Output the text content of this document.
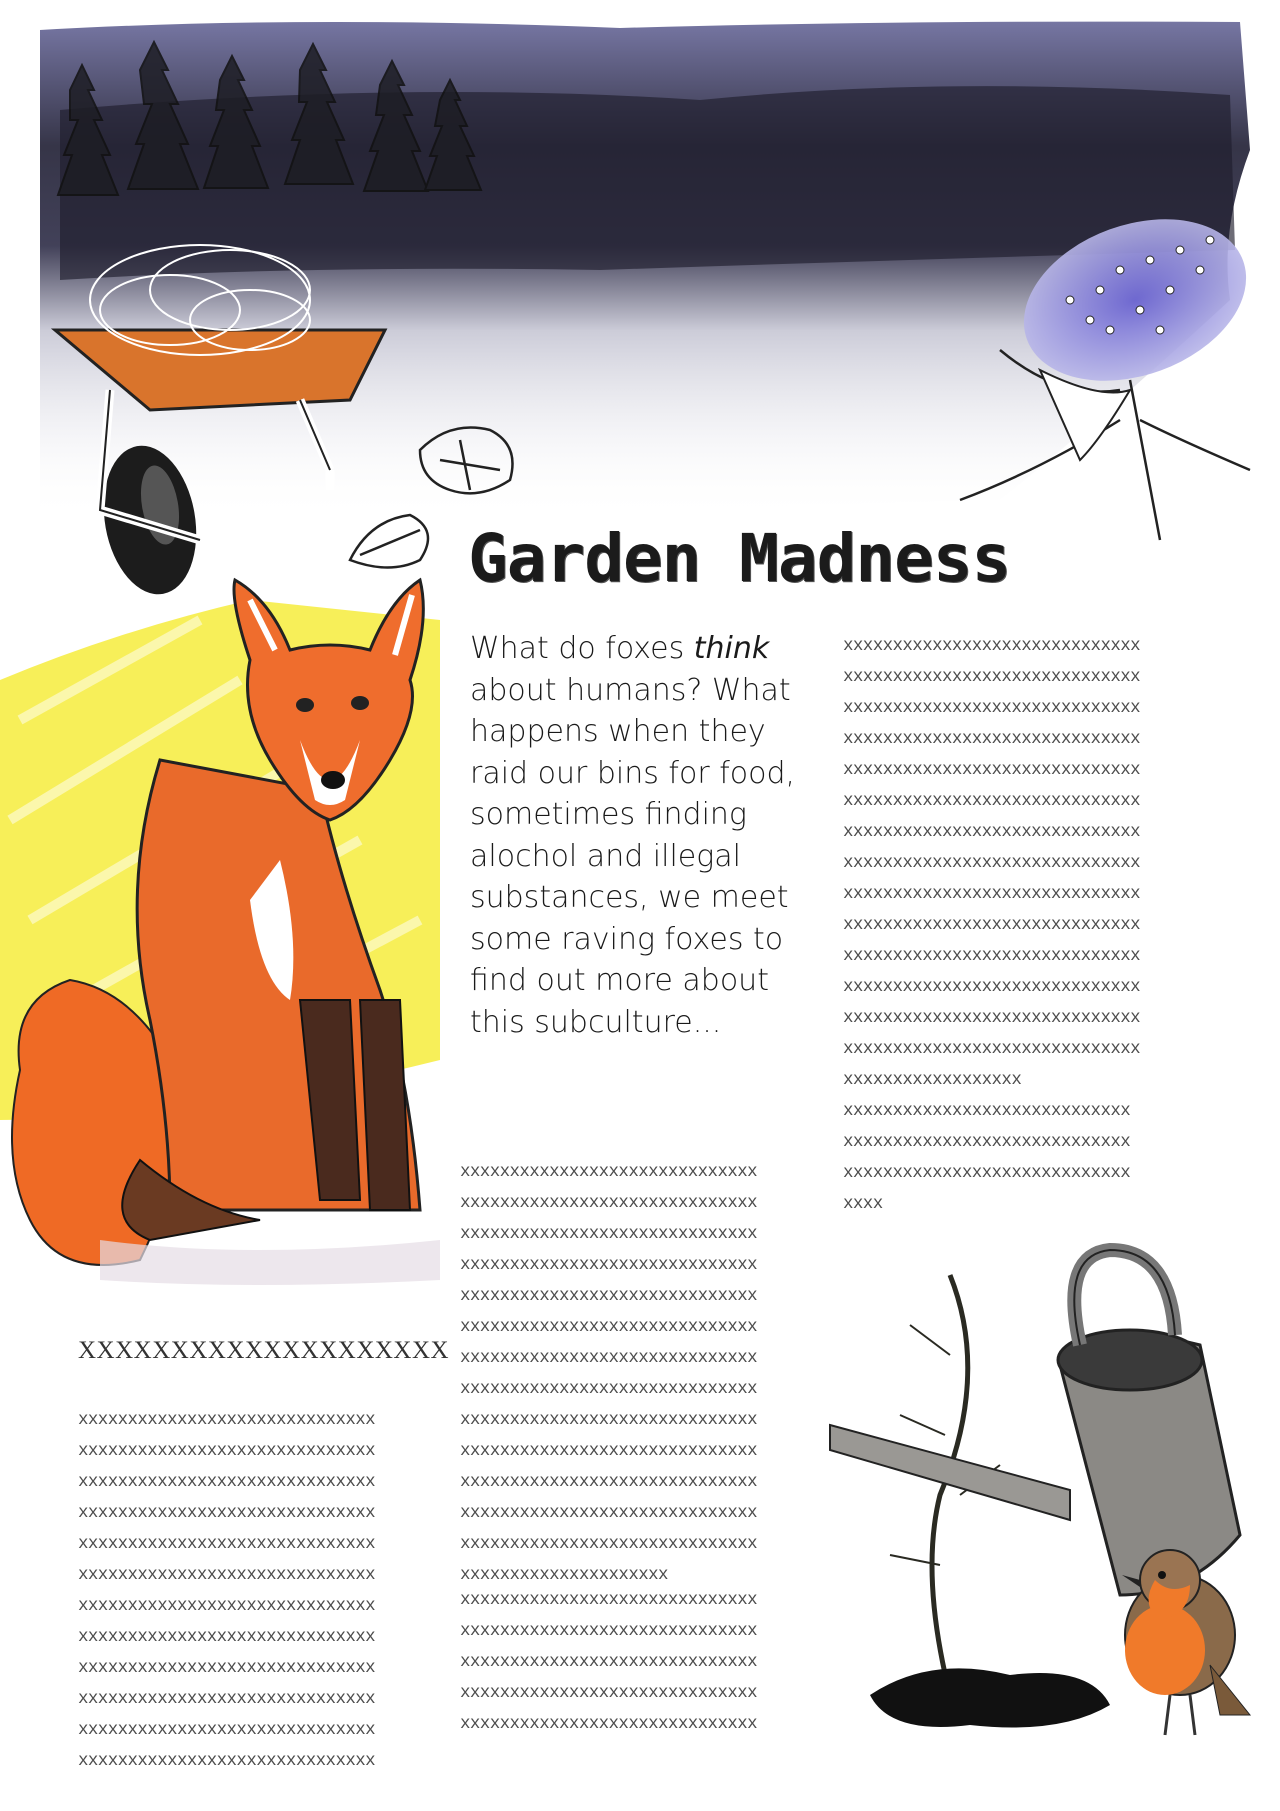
Garden Madness
What do foxes think about humans? What happens when they raid our bins for food, sometimes finding alochol and illegal substances, we meet some raving foxes to find out more about this subculture...
xxxxxxxxxxxxxxxxxxxxxxxxxxxxxx
xxxxxxxxxxxxxxxxxxxxxxxxxxxxxx
xxxxxxxxxxxxxxxxxxxxxxxxxxxxxx
xxxxxxxxxxxxxxxxxxxxxxxxxxxxxx
xxxxxxxxxxxxxxxxxxxxxxxxxxxxxx
xxxxxxxxxxxxxxxxxxxxxxxxxxxxxx
xxxxxxxxxxxxxxxxxxxxxxxxxxxxxx
xxxxxxxxxxxxxxxxxxxxxxxxxxxxxx
xxxxxxxxxxxxxxxxxxxxxxxxxxxxxx
xxxxxxxxxxxxxxxxxxxxxxxxxxxxxx
xxxxxxxxxxxxxxxxxxxxxxxxxxxxxx
xxxxxxxxxxxxxxxxxxxxxxxxxxxxxx
xxxxxxxxxxxxxxxxxxxxxxxxxxxxxx
xxxxxxxxxxxxxxxxxxxxxxxxxxxxxx
xxxxxxxxxxxxxxxxxx
xxxxxxxxxxxxxxxxxxxxxxxxxxxxx
xxxxxxxxxxxxxxxxxxxxxxxxxxxxx
xxxxxxxxxxxxxxxxxxxxxxxxxxxxx
xxxx
xxxxxxxxxxxxxxxxxxxxxxxxxxxxxx
xxxxxxxxxxxxxxxxxxxxxxxxxxxxxx
xxxxxxxxxxxxxxxxxxxxxxxxxxxxxx
xxxxxxxxxxxxxxxxxxxxxxxxxxxxxx
xxxxxxxxxxxxxxxxxxxxxxxxxxxxxx
xxxxxxxxxxxxxxxxxxxxxxxxxxxxxx
xxxxxxxxxxxxxxxxxxxxxxxxxxxxxx
xxxxxxxxxxxxxxxxxxxxxxxxxxxxxx
xxxxxxxxxxxxxxxxxxxxxxxxxxxxxx
xxxxxxxxxxxxxxxxxxxxxxxxxxxxxx
xxxxxxxxxxxxxxxxxxxxxxxxxxxxxx
xxxxxxxxxxxxxxxxxxxxxxxxxxxxxx
xxxxxxxxxxxxxxxxxxxxxxxxxxxxxx
xxxxxxxxxxxxxxxxxxxxx
xxxxxxxxxxxxxxxxxxxxxxxxxxxxxx
xxxxxxxxxxxxxxxxxxxxxxxxxxxxxx
xxxxxxxxxxxxxxxxxxxxxxxxxxxxxx
xxxxxxxxxxxxxxxxxxxxxxxxxxxxxx
xxxxxxxxxxxxxxxxxxxxxxxxxxxxxx
XXXXXXXXXXXXXXXXXXXX
xxxxxxxxxxxxxxxxxxxxxxxxxxxxxx
xxxxxxxxxxxxxxxxxxxxxxxxxxxxxx
xxxxxxxxxxxxxxxxxxxxxxxxxxxxxx
xxxxxxxxxxxxxxxxxxxxxxxxxxxxxx
xxxxxxxxxxxxxxxxxxxxxxxxxxxxxx
xxxxxxxxxxxxxxxxxxxxxxxxxxxxxx
xxxxxxxxxxxxxxxxxxxxxxxxxxxxxx
xxxxxxxxxxxxxxxxxxxxxxxxxxxxxx
xxxxxxxxxxxxxxxxxxxxxxxxxxxxxx
xxxxxxxxxxxxxxxxxxxxxxxxxxxxxx
xxxxxxxxxxxxxxxxxxxxxxxxxxxxxx
xxxxxxxxxxxxxxxxxxxxxxxxxxxxxx
